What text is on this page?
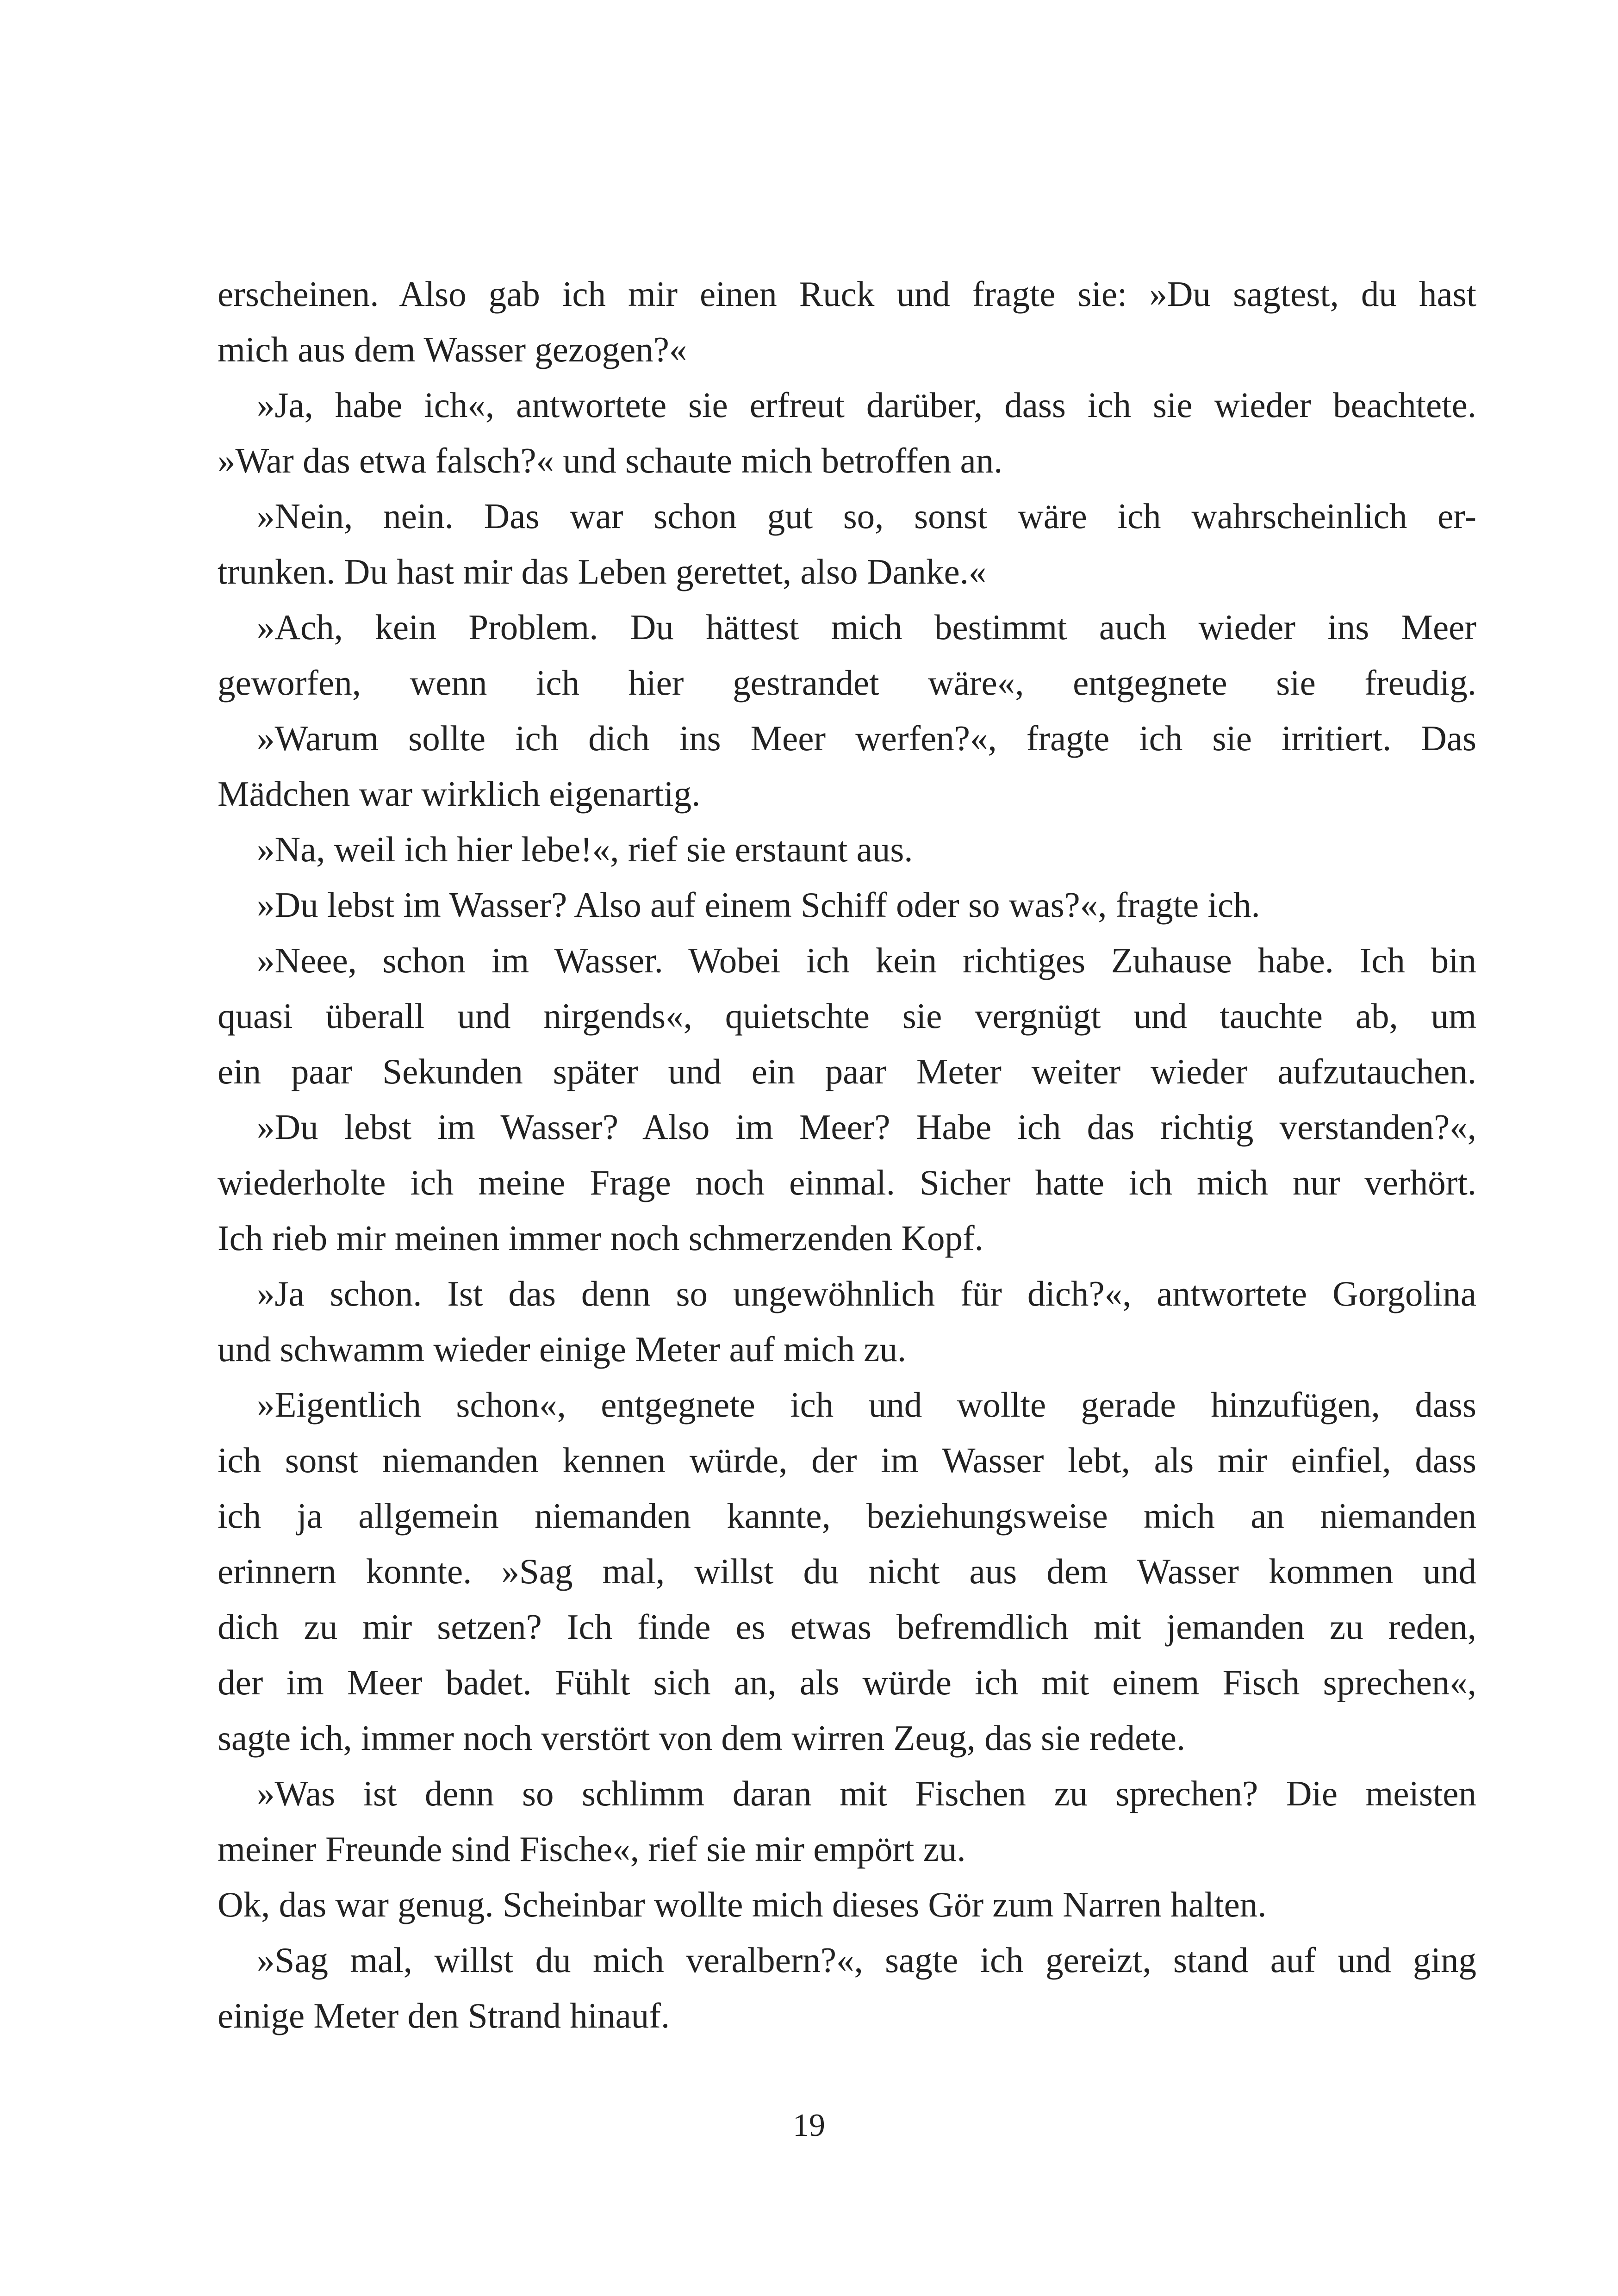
erscheinen. Also gab ich mir einen Ruck und fragte sie: »Du sagtest, du hast
mich aus dem Wasser gezogen?«
»Ja, habe ich«, antwortete sie erfreut darüber, dass ich sie wieder beachtete.
»War das etwa falsch?« und schaute mich betroffen an.
»Nein, nein. Das war schon gut so, sonst wäre ich wahrscheinlich er-
trunken. Du hast mir das Leben gerettet, also Danke.«
»Ach, kein Problem. Du hättest mich bestimmt auch wieder ins Meer
geworfen, wenn ich hier gestrandet wäre«, entgegnete sie freudig.
»Warum sollte ich dich ins Meer werfen?«, fragte ich sie irritiert. Das
Mädchen war wirklich eigenartig.
»Na, weil ich hier lebe!«, rief sie erstaunt aus.
»Du lebst im Wasser? Also auf einem Schiff oder so was?«, fragte ich.
»Neee, schon im Wasser. Wobei ich kein richtiges Zuhause habe. Ich bin
quasi überall und nirgends«, quietschte sie vergnügt und tauchte ab, um
ein paar Sekunden später und ein paar Meter weiter wieder aufzutauchen.
»Du lebst im Wasser? Also im Meer? Habe ich das richtig verstanden?«,
wiederholte ich meine Frage noch einmal. Sicher hatte ich mich nur verhört.
Ich rieb mir meinen immer noch schmerzenden Kopf.
»Ja schon. Ist das denn so ungewöhnlich für dich?«, antwortete Gorgolina
und schwamm wieder einige Meter auf mich zu.
»Eigentlich schon«, entgegnete ich und wollte gerade hinzufügen, dass
ich sonst niemanden kennen würde, der im Wasser lebt, als mir einfiel, dass
ich ja allgemein niemanden kannte, beziehungsweise mich an niemanden
erinnern konnte. »Sag mal, willst du nicht aus dem Wasser kommen und
dich zu mir setzen? Ich finde es etwas befremdlich mit jemanden zu reden,
der im Meer badet. Fühlt sich an, als würde ich mit einem Fisch sprechen«,
sagte ich, immer noch verstört von dem wirren Zeug, das sie redete.
»Was ist denn so schlimm daran mit Fischen zu sprechen? Die meisten
meiner Freunde sind Fische«, rief sie mir empört zu.
Ok, das war genug. Scheinbar wollte mich dieses Gör zum Narren halten.
»Sag mal, willst du mich veralbern?«, sagte ich gereizt, stand auf und ging
einige Meter den Strand hinauf.
19
